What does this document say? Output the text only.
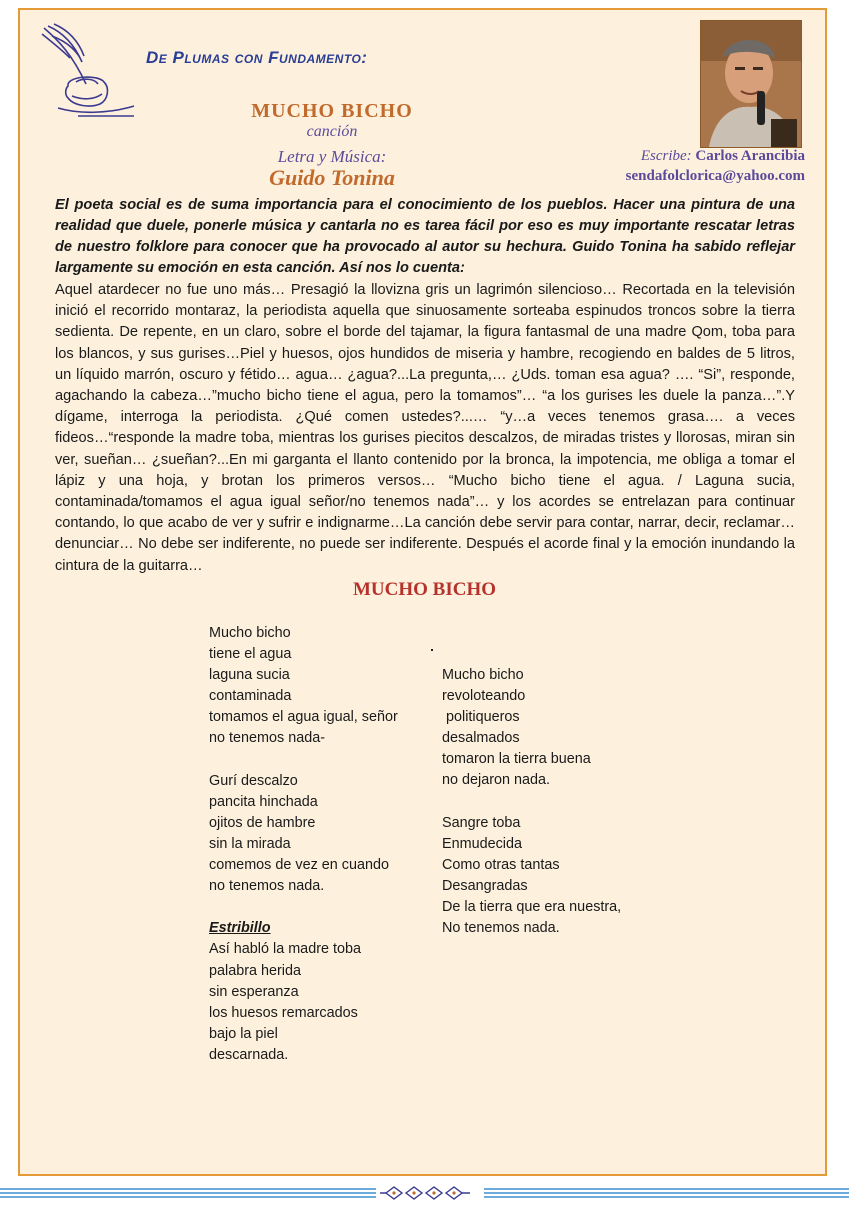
De Plumas con Fundamento:
MUCHO BICHO
canción
Letra y Música:
Guido Tonina
Escribe: Carlos Arancibia
sendafolclorica@yahoo.com
El poeta social es de suma importancia para el conocimiento de los pueblos. Hacer una pintura de una realidad que duele, ponerle música y cantarla no es tarea fácil por eso es muy importante rescatar letras de nuestro folklore para conocer que ha provocado al autor su hechura. Guido Tonina ha sabido reflejar largamente su emoción en esta canción. Así nos lo cuenta:
Aquel atardecer no fue uno más… Presagió la llovizna gris un lagrimón silencioso… Recortada en la televisión inició el recorrido montaraz, la periodista aquella que sinuosamente sorteaba espinudos troncos sobre la tierra sedienta. De repente, en un claro, sobre el borde del tajamar, la figura fantasmal de una madre Qom, toba para los blancos, y sus gurises…Piel y huesos, ojos hundidos de miseria y hambre, recogiendo en baldes de 5 litros, un líquido marrón, oscuro y fétido… agua… ¿agua?...La pregunta,… ¿Uds. toman esa agua? …. “Si”, responde, agachando la cabeza…”mucho bicho tiene el agua, pero la tomamos”… “a los gurises les duele la panza…”.Y dígame, interroga la periodista. ¿Qué comen ustedes?...… “y…a veces tenemos grasa…. a veces fideos…“responde la madre toba, mientras los gurises piecitos descalzos, de miradas tristes y llorosas, miran sin ver, sueñan… ¿sueñan?...En mi garganta el llanto contenido por la bronca, la impotencia, me obliga a tomar el lápiz y una hoja, y brotan los primeros versos… “Mucho bicho tiene el agua. / Laguna sucia, contaminada/tomamos el agua igual señor/no tenemos nada”… y los acordes se entrelazan para continuar contando, lo que acabo de ver y sufrir e indignarme…La canción debe servir para contar, narrar, decir, reclamar…denunciar… No debe ser indiferente, no puede ser indiferente. Después el acorde final y la emoción inundando la cintura de la guitarra…
MUCHO BICHO
Mucho bicho
tiene el agua
laguna sucia
contaminada
tomamos el agua igual, señor
no tenemos nada-
Gurí descalzo
pancita hinchada
ojitos de hambre
sin la mirada
comemos de vez en cuando
no tenemos nada.
Estribillo
Así habló la madre toba
palabra herida
sin esperanza
los huesos remarcados
bajo la piel
descarnada.
Mucho bicho
revoloteando
politiqueros
desalmados
tomaron la tierra buena
no dejaron nada.
Sangre toba
Enmudecida
Como otras tantas
Desangradas
De la tierra que era nuestra,
No tenemos nada.
